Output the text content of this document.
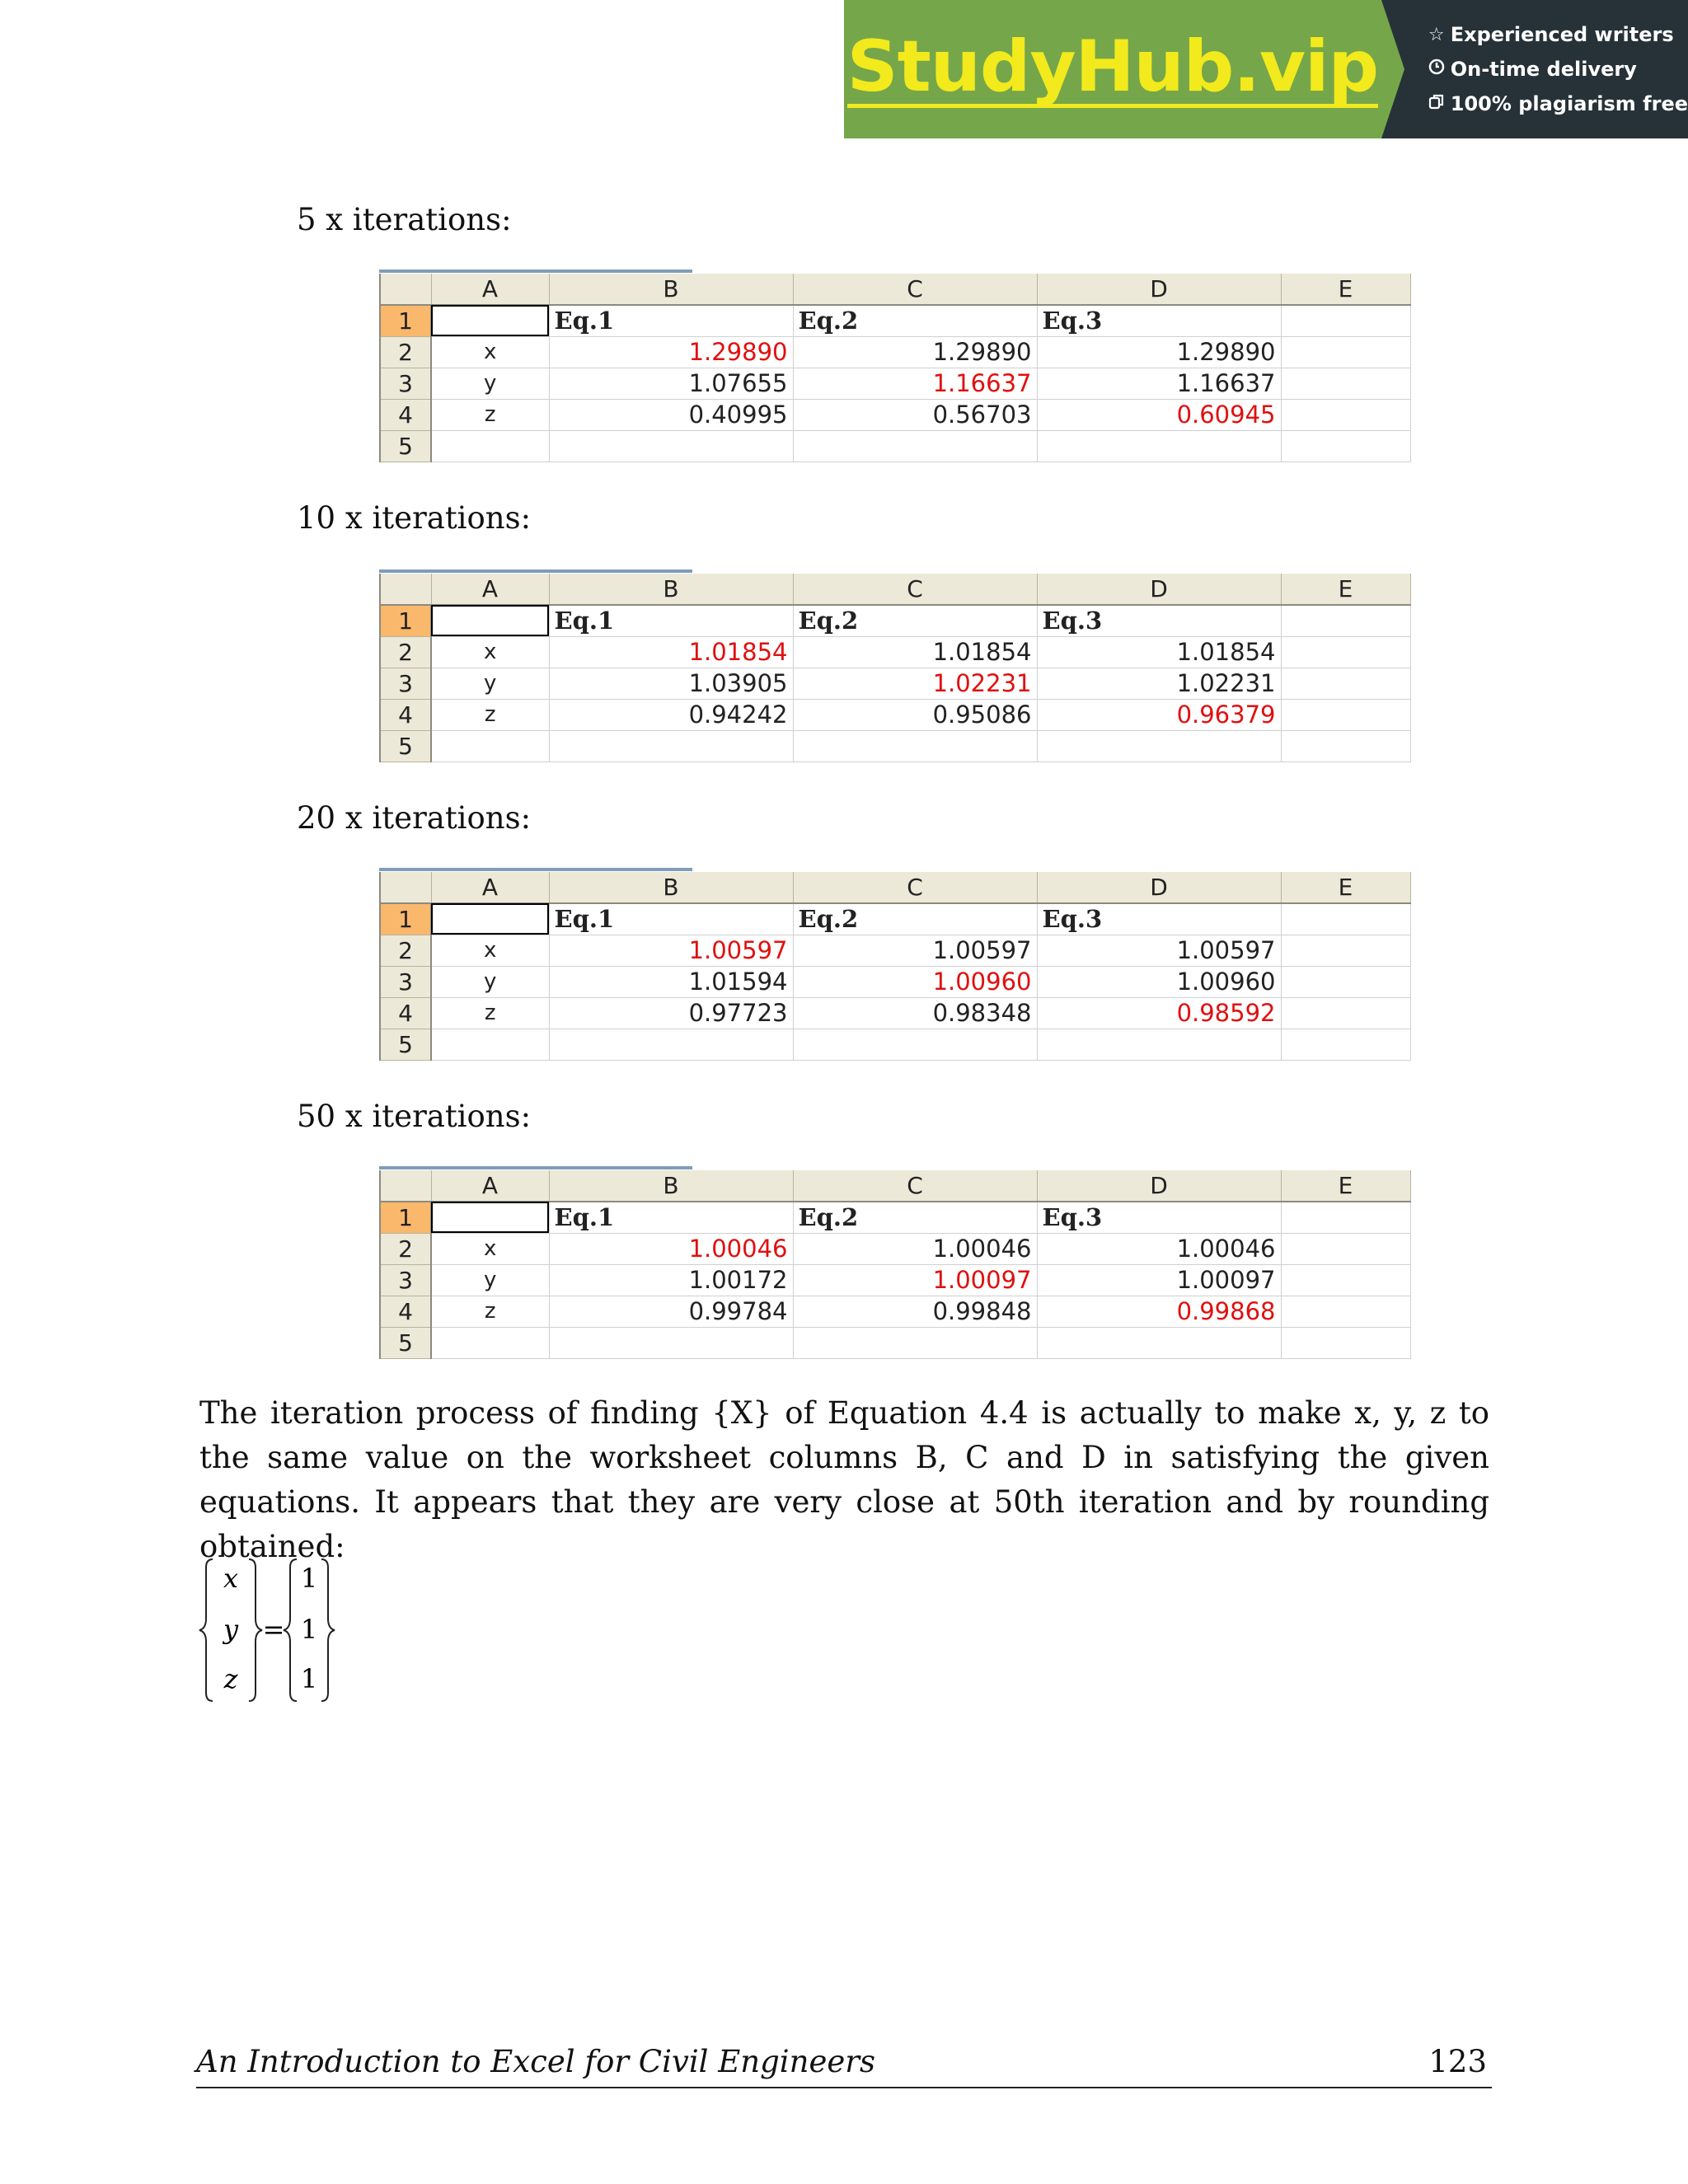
StudyHub.vip	☆ Experienced writers
On-time delivery
100% plagiarism free
5 x iterations:
10 x iterations:
20 x iterations:
50 x iterations:
	A	B	C	D	E
1		Eq.1	Eq.2	Eq.3	
2	x	1.29890	1.29890	1.29890	
3	y	1.07655	1.16637	1.16637	
4	z	0.40995	0.56703	0.60945	
5					
	A	B	C	D	E
1		Eq.1	Eq.2	Eq.3	
2	x	1.01854	1.01854	1.01854	
3	y	1.03905	1.02231	1.02231	
4	z	0.94242	0.95086	0.96379	
5					
	A	B	C	D	E
1		Eq.1	Eq.2	Eq.3	
2	x	1.00597	1.00597	1.00597	
3	y	1.01594	1.00960	1.00960	
4	z	0.97723	0.98348	0.98592	
5					
	A	B	C	D	E
1		Eq.1	Eq.2	Eq.3	
2	x	1.00046	1.00046	1.00046	
3	y	1.00172	1.00097	1.00097	
4	z	0.99784	0.99848	0.99868	
5					

The iteration process of finding {X} of Equation 4.4 is actually to make x, y, z to the same value on the worksheet columns B, C and D in satisfying the given equations. It appears that they are very close at 50th iteration and by rounding obtained:

x
y
z
=
1
1
1
An Introduction to Excel for Civil Engineers	123
